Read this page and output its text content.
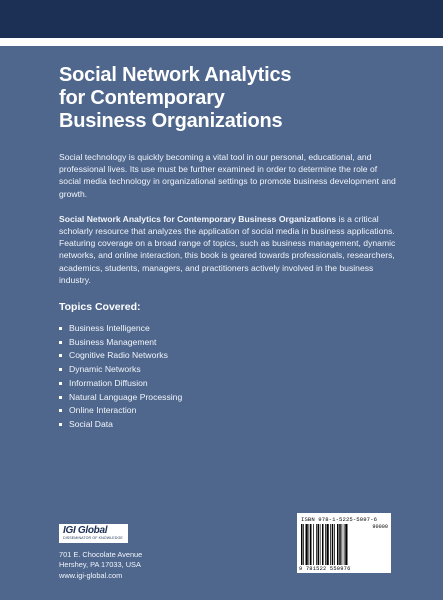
Social Network Analytics
for Contemporary
Business Organizations

Social technology is quickly becoming a vital tool in our personal, educational, and professional lives. Its use must be further examined in order to determine the role of social media technology in organizational settings to promote business development and growth.

Social Network Analytics for Contemporary Business Organizations is a critical scholarly resource that analyzes the application of social media in business applications. Featuring coverage on a broad range of topics, such as business management, dynamic networks, and online interaction, this book is geared towards professionals, researchers, academics, students, managers, and practitioners actively involved in the business industry.

Topics Covered:
Business Intelligence
Business Management
Cognitive Radio Networks
Dynamic Networks
Information Diffusion
Natural Language Processing
Online Interaction
Social Data
IGI Global
DISSEMINATOR OF KNOWLEDGE
701 E. Chocolate Avenue
Hershey, PA 17033, USA
www.igi-global.com
ISBN 978-1-5225-5097-6
90000
9 781522 550976
